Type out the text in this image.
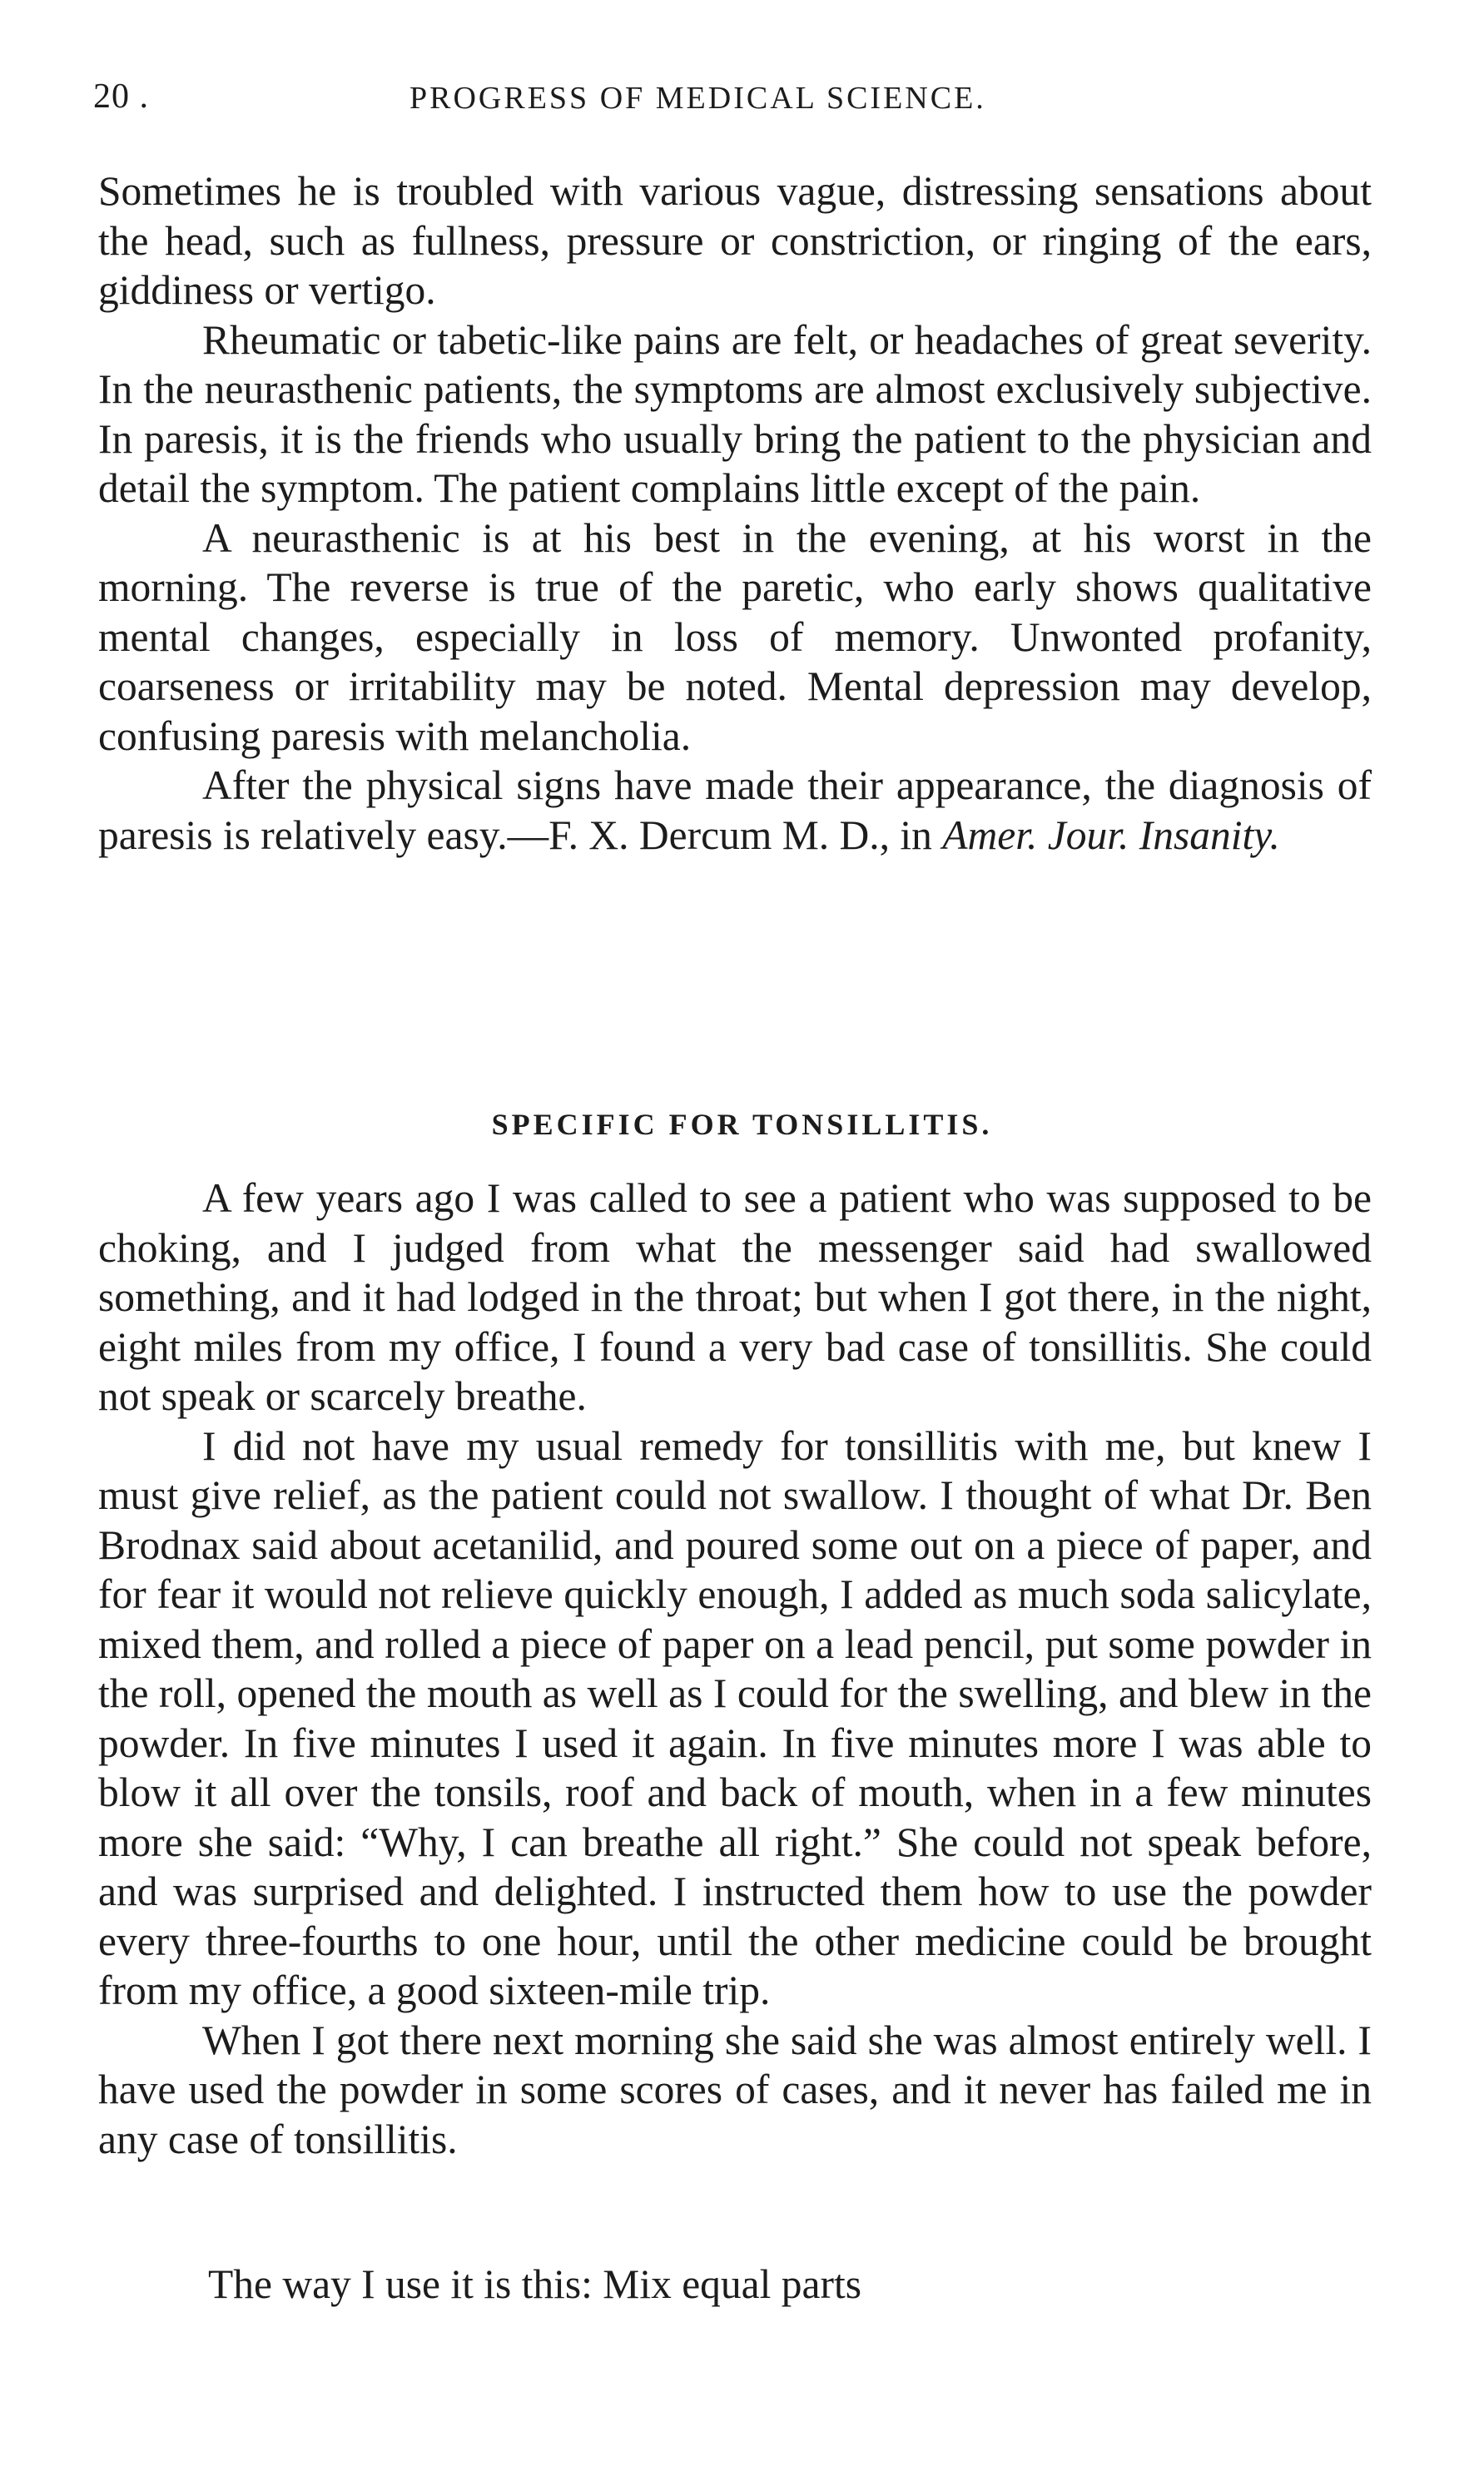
20 .	PROGRESS OF MEDICAL SCIENCE.

Sometimes he is troubled with various vague, distressing sensations about the head, such as fullness, pressure or constriction, or ringing of the ears, giddiness or vertigo.

Rheumatic or tabetic-like pains are felt, or headaches of great severity. In the neurasthenic patients, the symptoms are almost exclusively subjective. In paresis, it is the friends who usually bring the patient to the physician and detail the symptom. The patient complains little except of the pain.

A neurasthenic is at his best in the evening, at his worst in the morning. The reverse is true of the paretic, who early shows qualitative mental changes, especially in loss of memory. Unwonted profanity, coarseness or irritability may be noted. Mental depression may develop, confusing paresis with melancholia.

After the physical signs have made their appearance, the diagnosis of paresis is relatively easy.—F. X. Dercum M. D., in Amer. Jour. Insanity.

SPECIFIC FOR TONSILLITIS.

A few years ago I was called to see a patient who was supposed to be choking, and I judged from what the messenger said had swallowed something, and it had lodged in the throat; but when I got there, in the night, eight miles from my office, I found a very bad case of tonsillitis. She could not speak or scarcely breathe.

I did not have my usual remedy for tonsillitis with me, but knew I must give relief, as the patient could not swallow. I thought of what Dr. Ben Brodnax said about acetanilid, and poured some out on a piece of paper, and for fear it would not relieve quickly enough, I added as much soda salicylate, mixed them, and rolled a piece of paper on a lead pencil, put some powder in the roll, opened the mouth as well as I could for the swelling, and blew in the powder. In five minutes I used it again. In five minutes more I was able to blow it all over the tonsils, roof and back of mouth, when in a few minutes more she said: “Why, I can breathe all right.” She could not speak before, and was surprised and delighted. I instructed them how to use the powder every three-fourths to one hour, until the other medicine could be brought from my office, a good sixteen-mile trip.

When I got there next morning she said she was almost entirely well. I have used the powder in some scores of cases, and it never has failed me in any case of tonsillitis.

The way I use it is this: Mix equal parts
